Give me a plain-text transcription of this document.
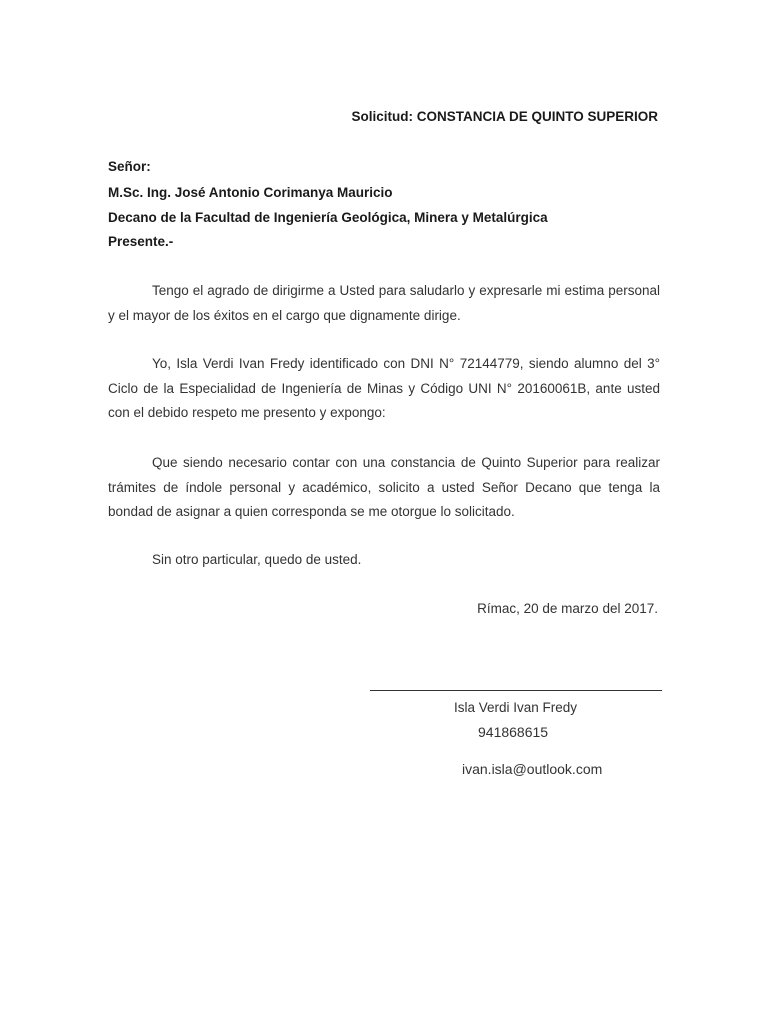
Solicitud: CONSTANCIA DE QUINTO SUPERIOR
Señor:
M.Sc. Ing. José Antonio Corimanya Mauricio
Decano de la Facultad de Ingeniería Geológica, Minera y Metalúrgica
Presente.-
Tengo el agrado de dirigirme a Usted para saludarlo y expresarle mi estima personal y el mayor de los éxitos en el cargo que dignamente dirige.
Yo, Isla Verdi Ivan Fredy identificado con DNI N° 72144779, siendo alumno del 3° Ciclo de la Especialidad de Ingeniería de Minas y Código UNI N° 20160061B, ante usted con el debido respeto me presento y expongo:
Que siendo necesario contar con una constancia de Quinto Superior para realizar trámites de índole personal y académico, solicito a usted Señor Decano que tenga la bondad de asignar a quien corresponda se me otorgue lo solicitado.
Sin otro particular, quedo de usted.
Rímac, 20 de marzo del 2017.
Isla Verdi Ivan Fredy
941868615
ivan.isla@outlook.com
